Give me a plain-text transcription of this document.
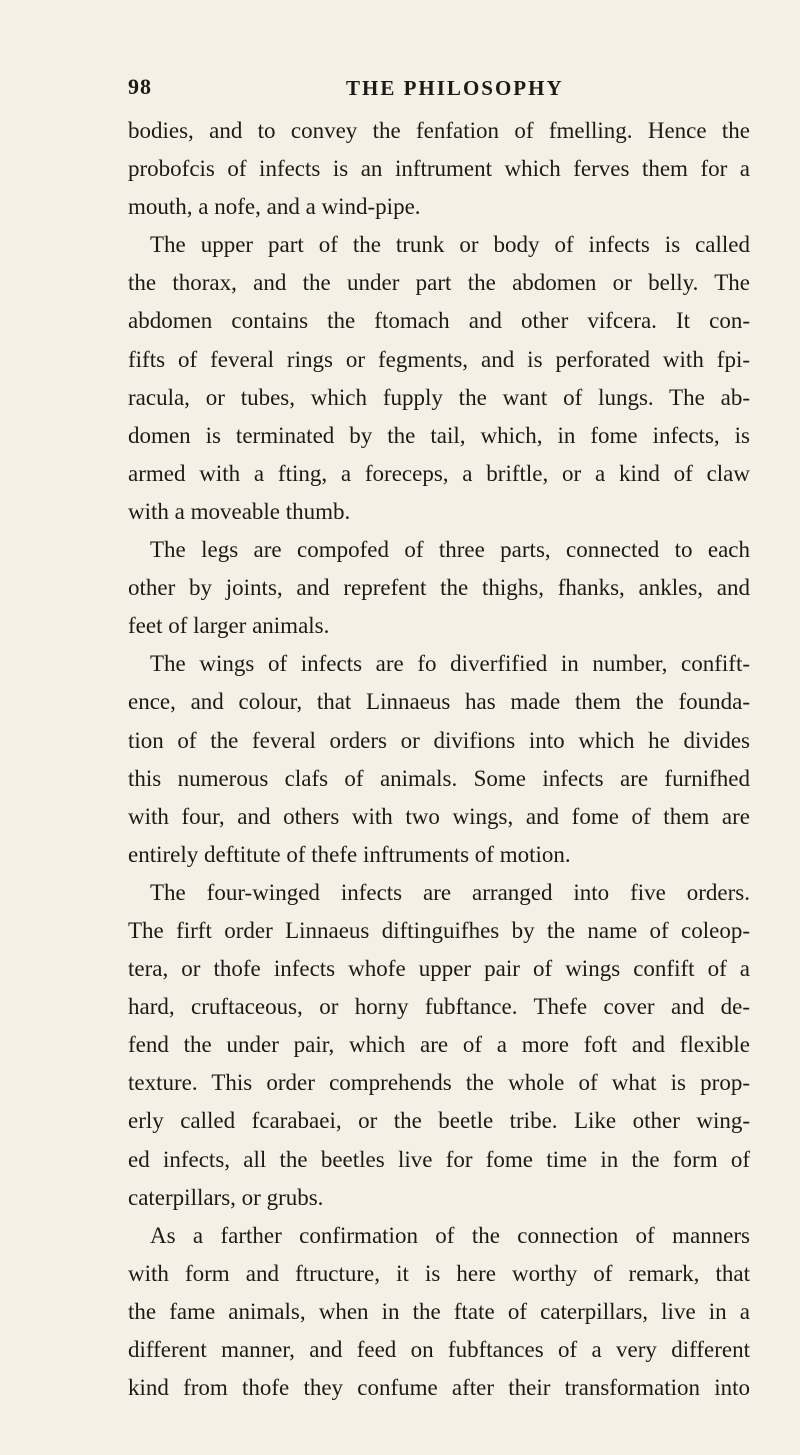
98	THE PHILOSOPHY
bodies, and to convey the fenfation of fmelling. Hence the
probofcis of infects is an inftrument which ferves them for a
mouth, a nofe, and a wind-pipe.
The upper part of the trunk or body of infects is called
the thorax, and the under part the abdomen or belly. The
abdomen contains the ftomach and other vifcera. It con-
fifts of feveral rings or fegments, and is perforated with fpi-
racula, or tubes, which fupply the want of lungs. The ab-
domen is terminated by the tail, which, in fome infects, is
armed with a fting, a foreceps, a briftle, or a kind of claw
with a moveable thumb.
The legs are compofed of three parts, connected to each
other by joints, and reprefent the thighs, fhanks, ankles, and
feet of larger animals.
The wings of infects are fo diverfified in number, confift-
ence, and colour, that Linnaeus has made them the founda-
tion of the feveral orders or divifions into which he divides
this numerous clafs of animals. Some infects are furnifhed
with four, and others with two wings, and fome of them are
entirely deftitute of thefe inftruments of motion.
The four-winged infects are arranged into five orders.
The firft order Linnaeus diftinguifhes by the name of coleop-
tera, or thofe infects whofe upper pair of wings confift of a
hard, cruftaceous, or horny fubftance. Thefe cover and de-
fend the under pair, which are of a more foft and flexible
texture. This order comprehends the whole of what is prop-
erly called fcarabaei, or the beetle tribe. Like other wing-
ed infects, all the beetles live for fome time in the form of
caterpillars, or grubs.
As a farther confirmation of the connection of manners
with form and ftructure, it is here worthy of remark, that
the fame animals, when in the ftate of caterpillars, live in a
different manner, and feed on fubftances of a very different
kind from thofe they confume after their transformation into
